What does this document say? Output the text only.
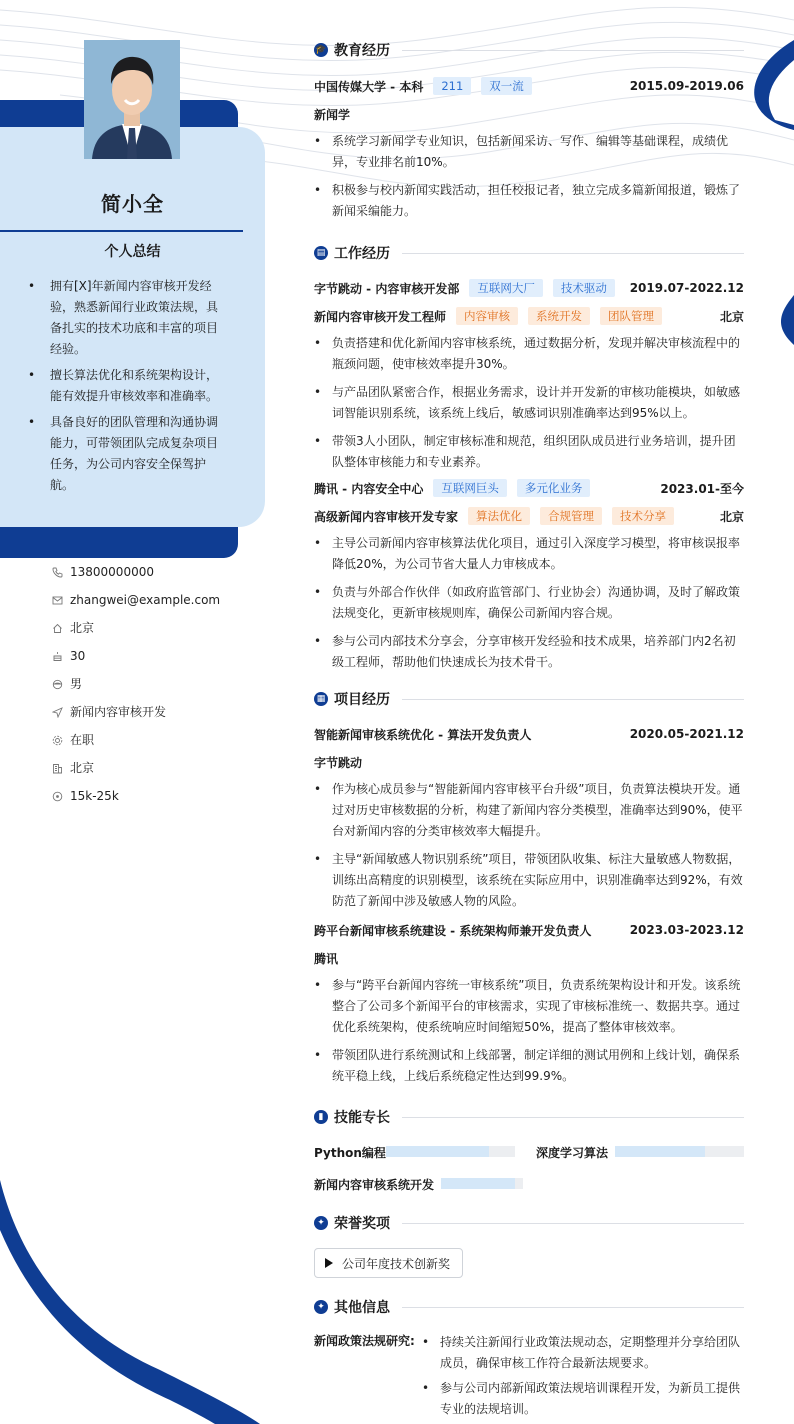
简小全
个人总结
• 拥有[X]年新闻内容审核开发经验，熟悉新闻行业政策法规，具备扎实的技术功底和丰富的项目经验。
• 擅长算法优化和系统架构设计，能有效提升审核效率和准确率。
• 具备良好的团队管理和沟通协调能力，可带领团队完成复杂项目任务，为公司内容安全保驾护航。
13800000000
zhangwei@example.com
北京
30
男
新闻内容审核开发
在职
北京
15k-25k
🎓 教育经历
中国传媒大学 - 本科	211	双一流	2015.09-2019.06
新闻学
• 系统学习新闻学专业知识，包括新闻采访、写作、编辑等基础课程，成绩优异，专业排名前10%。
• 积极参与校内新闻实践活动，担任校报记者，独立完成多篇新闻报道，锻炼了新闻采编能力。
▤ 工作经历
字节跳动 - 内容审核开发部	互联网大厂	技术驱动	2019.07-2022.12
新闻内容审核开发工程师	内容审核	系统开发	团队管理	北京
• 负责搭建和优化新闻内容审核系统，通过数据分析，发现并解决审核流程中的瓶颈问题，使审核效率提升30%。
• 与产品团队紧密合作，根据业务需求，设计并开发新的审核功能模块，如敏感词智能识别系统，该系统上线后，敏感词识别准确率达到95%以上。
• 带领3人小团队，制定审核标准和规范，组织团队成员进行业务培训，提升团队整体审核能力和专业素养。
腾讯 - 内容安全中心	互联网巨头	多元化业务	2023.01-至今
高级新闻内容审核开发专家	算法优化	合规管理	技术分享	北京
• 主导公司新闻内容审核算法优化项目，通过引入深度学习模型，将审核误报率降低20%，为公司节省大量人力审核成本。
• 负责与外部合作伙伴（如政府监管部门、行业协会）沟通协调，及时了解政策法规变化，更新审核规则库，确保公司新闻内容合规。
• 参与公司内部技术分享会，分享审核开发经验和技术成果，培养部门内2名初级工程师，帮助他们快速成长为技术骨干。
▦ 项目经历
智能新闻审核系统优化 - 算法开发负责人	2020.05-2021.12
字节跳动
• 作为核心成员参与“智能新闻内容审核平台升级”项目，负责算法模块开发。通过对历史审核数据的分析，构建了新闻内容分类模型，准确率达到90%，使平台对新闻内容的分类审核效率大幅提升。
• 主导“新闻敏感人物识别系统”项目，带领团队收集、标注大量敏感人物数据，训练出高精度的识别模型，该系统在实际应用中，识别准确率达到92%，有效防范了新闻中涉及敏感人物的风险。
跨平台新闻审核系统建设 - 系统架构师兼开发负责人	2023.03-2023.12
腾讯
• 参与“跨平台新闻内容统一审核系统”项目，负责系统架构设计和开发。该系统整合了公司多个新闻平台的审核需求，实现了审核标准统一、数据共享。通过优化系统架构，使系统响应时间缩短50%，提高了整体审核效率。
• 带领团队进行系统测试和上线部署，制定详细的测试用例和上线计划，确保系统平稳上线，上线后系统稳定性达到99.9%。
▮ 技能专长
Python编程	深度学习算法
新闻内容审核系统开发
✦ 荣誉奖项
公司年度技术创新奖
✦ 其他信息
新闻政策法规研究:
•	持续关注新闻行业政策法规动态，定期整理并分享给团队成员，确保审核工作符合最新法规要求。
• 参与公司内部新闻政策法规培训课程开发，为新员工提供专业的法规培训。
